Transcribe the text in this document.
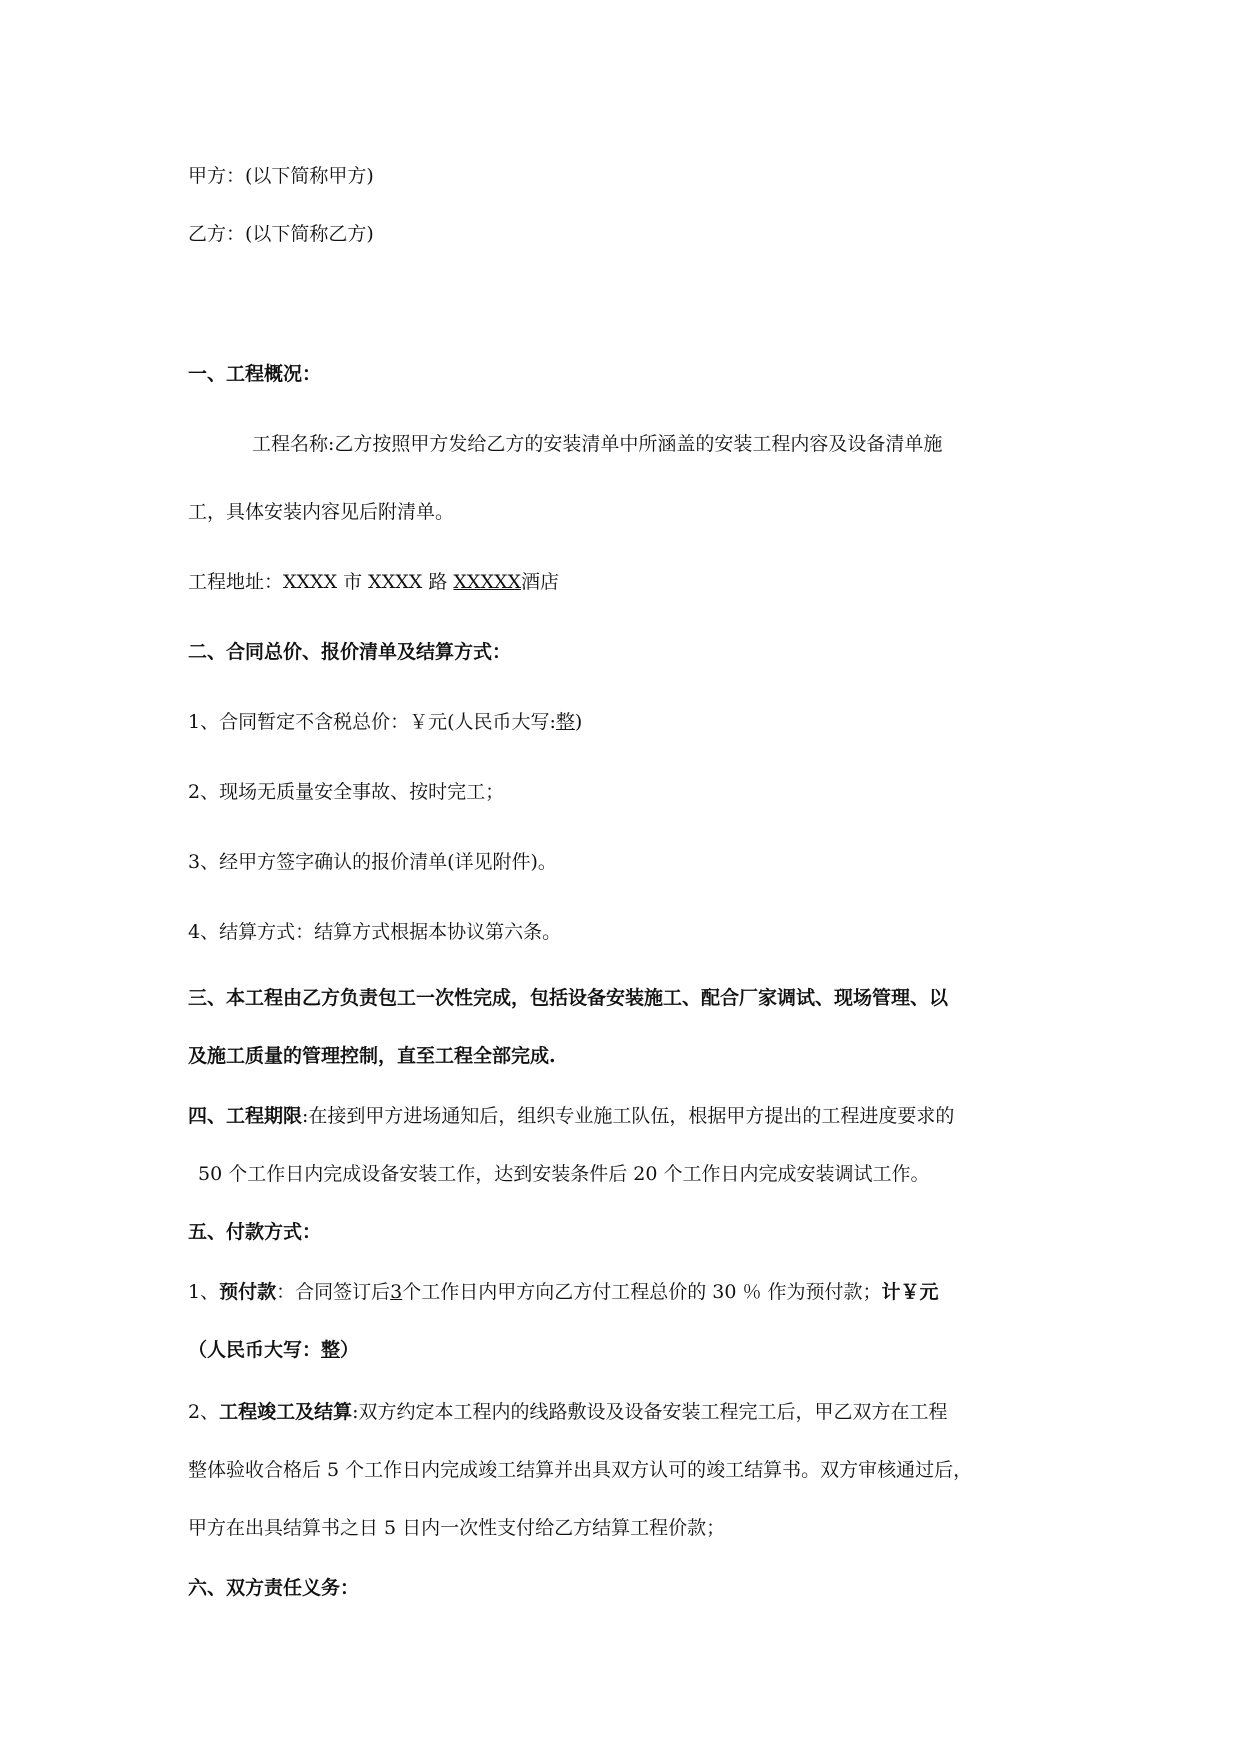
甲方：(以下简称甲方)
乙方：(以下简称乙方)
一、工程概况：
工程名称:乙方按照甲方发给乙方的安装清单中所涵盖的安装工程内容及设备清单施
工，具体安装内容见后附清单。
工程地址：XXXX 市 XXXX 路 XXXXX酒店
二、合同总价、报价清单及结算方式：
1、合同暂定不含税总价：￥元(人民币大写:整)
2、现场无质量安全事故、按时完工；
3、经甲方签字确认的报价清单(详见附件)。
4、结算方式：结算方式根据本协议第六条。
三、本工程由乙方负责包工一次性完成，包括设备安装施工、配合厂家调试、现场管理、以
及施工质量的管理控制，直至工程全部完成.
四、工程期限:在接到甲方进场通知后，组织专业施工队伍，根据甲方提出的工程进度要求的
50 个工作日内完成设备安装工作，达到安装条件后 20 个工作日内完成安装调试工作。
五、付款方式：
1、预付款：合同签订后3个工作日内甲方向乙方付工程总价的 30 ％ 作为预付款；计￥元
（人民币大写：整）
2、工程竣工及结算:双方约定本工程内的线路敷设及设备安装工程完工后，甲乙双方在工程
整体验收合格后 5 个工作日内完成竣工结算并出具双方认可的竣工结算书。双方审核通过后，
甲方在出具结算书之日 5 日内一次性支付给乙方结算工程价款；
六、双方责任义务：
